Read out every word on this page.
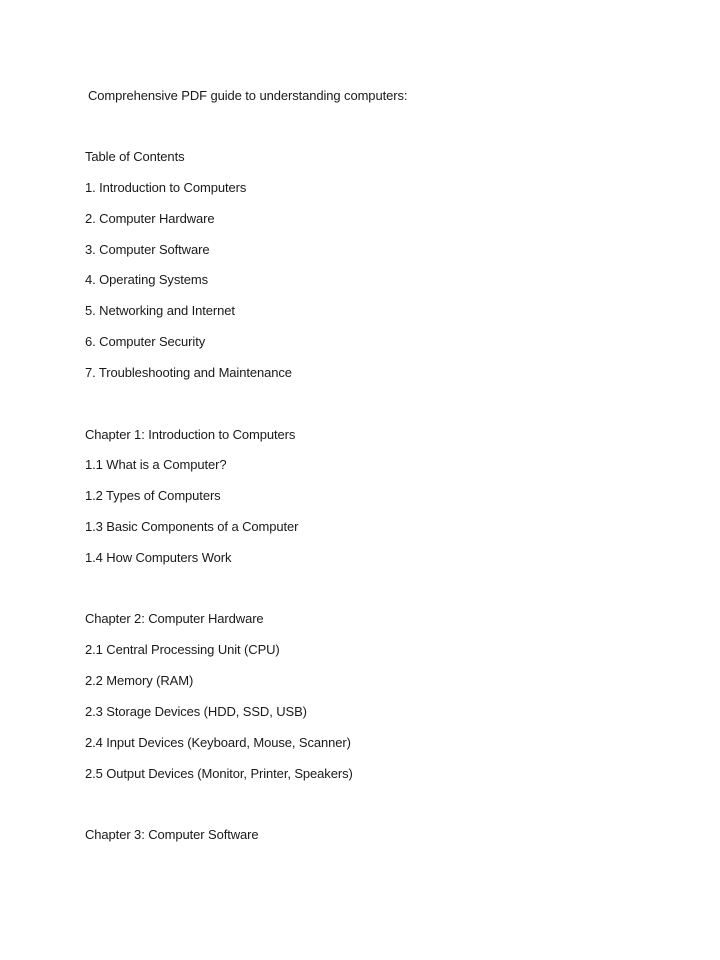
Comprehensive PDF guide to understanding computers:
Table of Contents
1. Introduction to Computers
2. Computer Hardware
3. Computer Software
4. Operating Systems
5. Networking and Internet
6. Computer Security
7. Troubleshooting and Maintenance
Chapter 1: Introduction to Computers
1.1 What is a Computer?
1.2 Types of Computers
1.3 Basic Components of a Computer
1.4 How Computers Work
Chapter 2: Computer Hardware
2.1 Central Processing Unit (CPU)
2.2 Memory (RAM)
2.3 Storage Devices (HDD, SSD, USB)
2.4 Input Devices (Keyboard, Mouse, Scanner)
2.5 Output Devices (Monitor, Printer, Speakers)
Chapter 3: Computer Software
